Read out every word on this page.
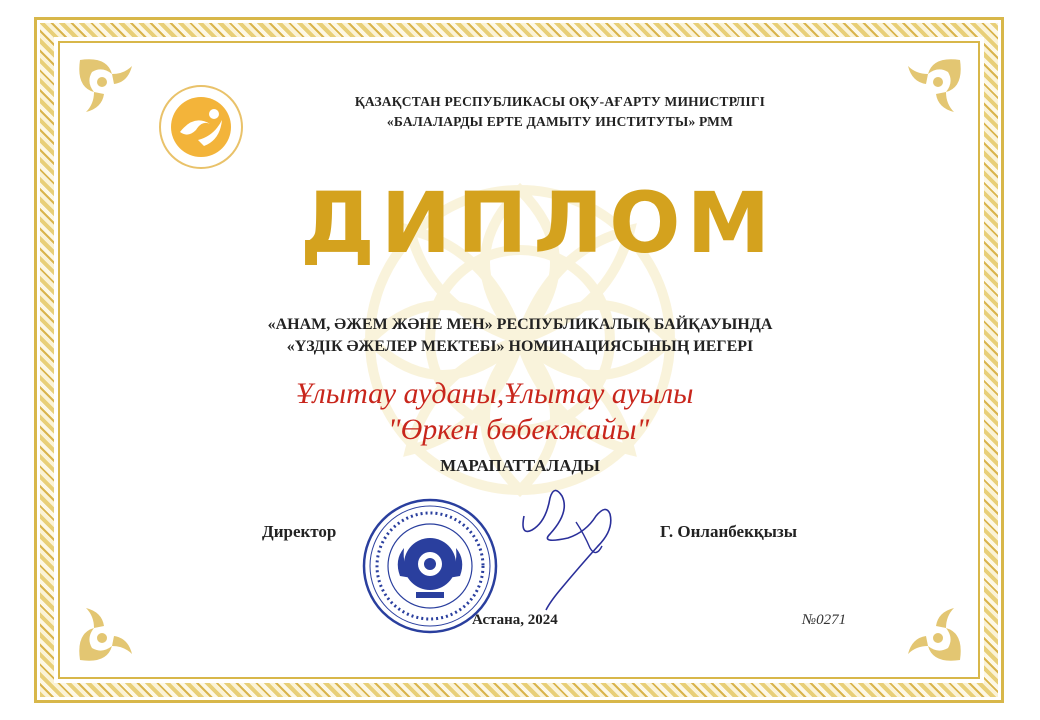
ҚАЗАҚСТАН РЕСПУБЛИКАСЫ ОҚУ-АҒАРТУ МИНИСТРЛІГІ
«БАЛАЛАРДЫ ЕРТЕ ДАМЫТУ ИНСТИТУТЫ» РММ
ДИПЛОМ
«АНАМ, ӘЖЕМ ЖӘНЕ МЕН» РЕСПУБЛИКАЛЫҚ БАЙҚАУЫНДА
«ҮЗДІК ӘЖЕЛЕР МЕКТЕБІ» НОМИНАЦИЯСЫНЫҢ ИЕГЕРІ
Ұлытау ауданы,Ұлытау ауылы
"Өркен бөбекжайы"
МАРАПАТТАЛАДЫ
Директор	Г. Онланбекқызы
Астана, 2024	№0271
